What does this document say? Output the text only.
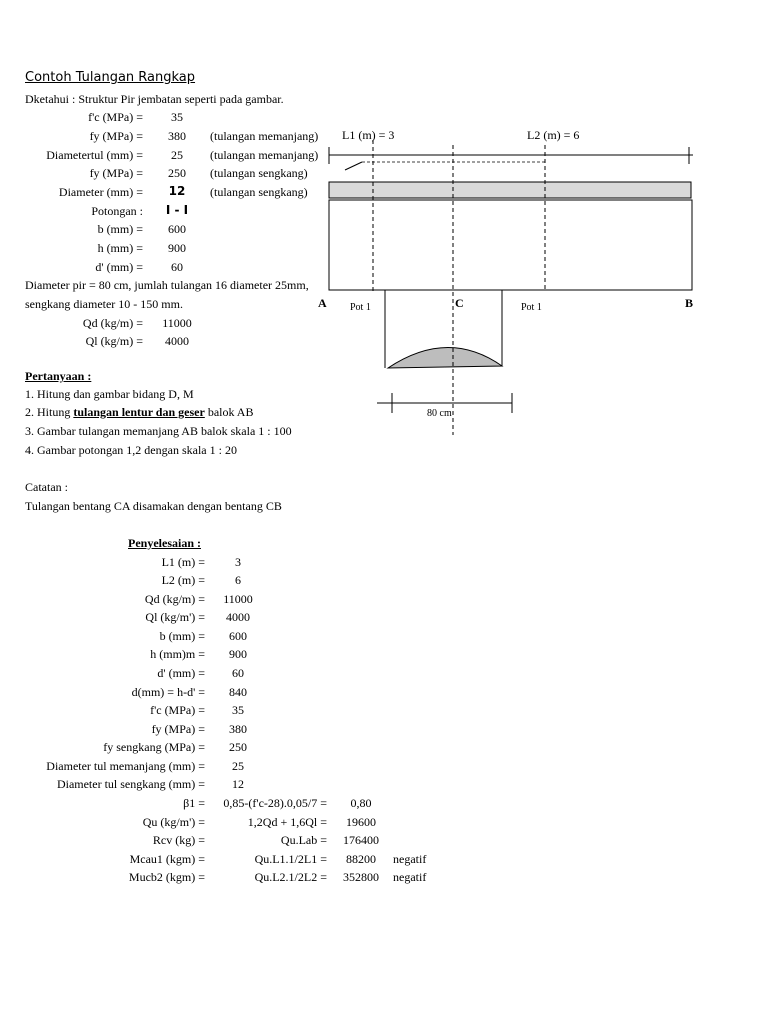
Contoh Tulangan Rangkap
Dketahui : Struktur Pir jembatan seperti pada gambar.
f'c (MPa) =	35
fy (MPa) =	380	(tulangan memanjang)
Diametertul (mm) =	25	(tulangan memanjang)
fy (MPa) =	250	(tulangan sengkang)
Diameter (mm) =	12	(tulangan sengkang)
Potongan :	I - I
b (mm) =	600
h (mm) =	900
d' (mm) =	60
Diameter pir = 80 cm, jumlah tulangan 16 diameter 25mm,
sengkang diameter 10 - 150 mm.
Qd (kg/m) =	11000
Ql (kg/m) =	4000
L1 (m) = 3	L2 (m) = 6
A	B
C
Pot 1	Pot 1
80 cm
Pertanyaan :
1. Hitung dan gambar bidang D, M
2. Hitung tulangan lentur dan geser balok AB
3. Gambar tulangan memanjang AB balok skala 1 : 100
4. Gambar potongan 1,2 dengan skala 1 : 20
Catatan :
Tulangan bentang CA disamakan dengan bentang CB
Penyelesaian :
L1 (m) =	3
L2 (m) =	6
Qd (kg/m) =	11000
Ql (kg/m') =	4000
b (mm) =	600
h (mm)m =	900
d' (mm) =	60
d(mm) = h-d' =	840
f'c (MPa) =	35
fy (MPa) =	380
fy sengkang (MPa) =	250
Diameter tul memanjang (mm) =	25
Diameter tul sengkang (mm) =	12
β1 =	0,85-(f'c-28).0,05/7 =	0,80
Qu (kg/m') =	1,2Qd + 1,6Ql =	19600
Rcv (kg) =	Qu.Lab =	176400
Mcau1 (kgm) =	Qu.L1.1/2L1 =	88200	negatif
Mucb2 (kgm) =	Qu.L2.1/2L2 =	352800	negatif
